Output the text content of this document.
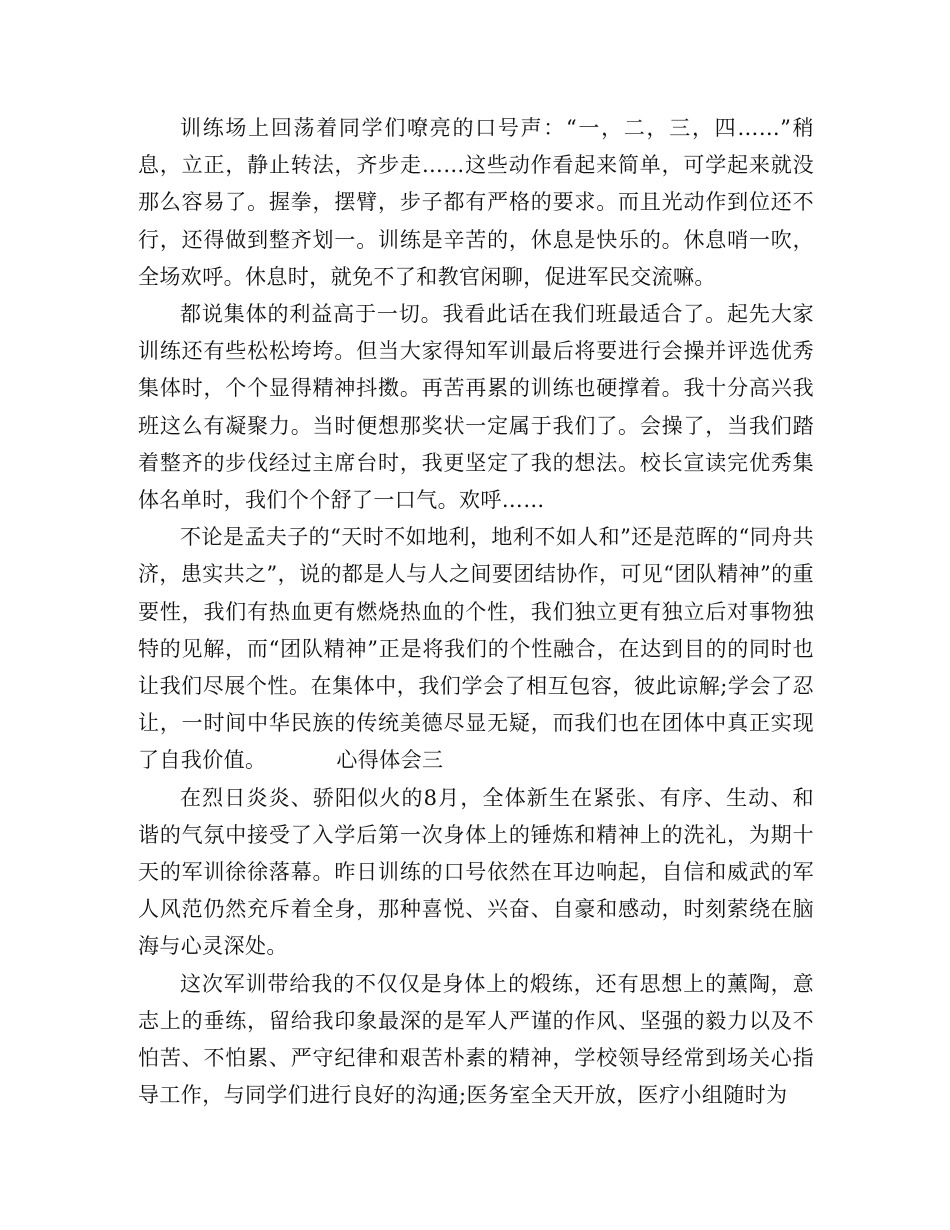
训练场上回荡着同学们嘹亮的口号声：“一，二，三，四……”稍息，立正，静止转法，齐步走……这些动作看起来简单，可学起来就没那么容易了。握拳，摆臂，步子都有严格的要求。而且光动作到位还不行，还得做到整齐划一。训练是辛苦的，休息是快乐的。休息哨一吹，全场欢呼。休息时，就免不了和教官闲聊，促进军民交流嘛。

都说集体的利益高于一切。我看此话在我们班最适合了。起先大家训练还有些松松垮垮。但当大家得知军训最后将要进行会操并评选优秀集体时，个个显得精神抖擞。再苦再累的训练也硬撑着。我十分高兴我班这么有凝聚力。当时便想那奖状一定属于我们了。会操了，当我们踏着整齐的步伐经过主席台时，我更坚定了我的想法。校长宣读完优秀集体名单时，我们个个舒了一口气。欢呼……

不论是孟夫子的“天时不如地利，地利不如人和”还是范晖的“同舟共济，患实共之”，说的都是人与人之间要团结协作，可见“团队精神”的重要性，我们有热血更有燃烧热血的个性，我们独立更有独立后对事物独特的见解，而“团队精神”正是将我们的个性融合，在达到目的的同时也让我们尽展个性。在集体中，我们学会了相互包容，彼此谅解;学会了忍让，一时间中华民族的传统美德尽显无疑，而我们也在团体中真正实现了自我价值。	心得体会三

在烈日炎炎、骄阳似火的8月，全体新生在紧张、有序、生动、和谐的气氛中接受了入学后第一次身体上的锤炼和精神上的洗礼，为期十天的军训徐徐落幕。昨日训练的口号依然在耳边响起，自信和威武的军人风范仍然充斥着全身，那种喜悦、兴奋、自豪和感动，时刻萦绕在脑海与心灵深处。

这次军训带给我的不仅仅是身体上的煅练，还有思想上的薰陶，意志上的垂练，留给我印象最深的是军人严谨的作风、坚强的毅力以及不怕苦、不怕累、严守纪律和艰苦朴素的精神，学校领导经常到场关心指导工作，与同学们进行良好的沟通;医务室全天开放，医疗小组随时为
